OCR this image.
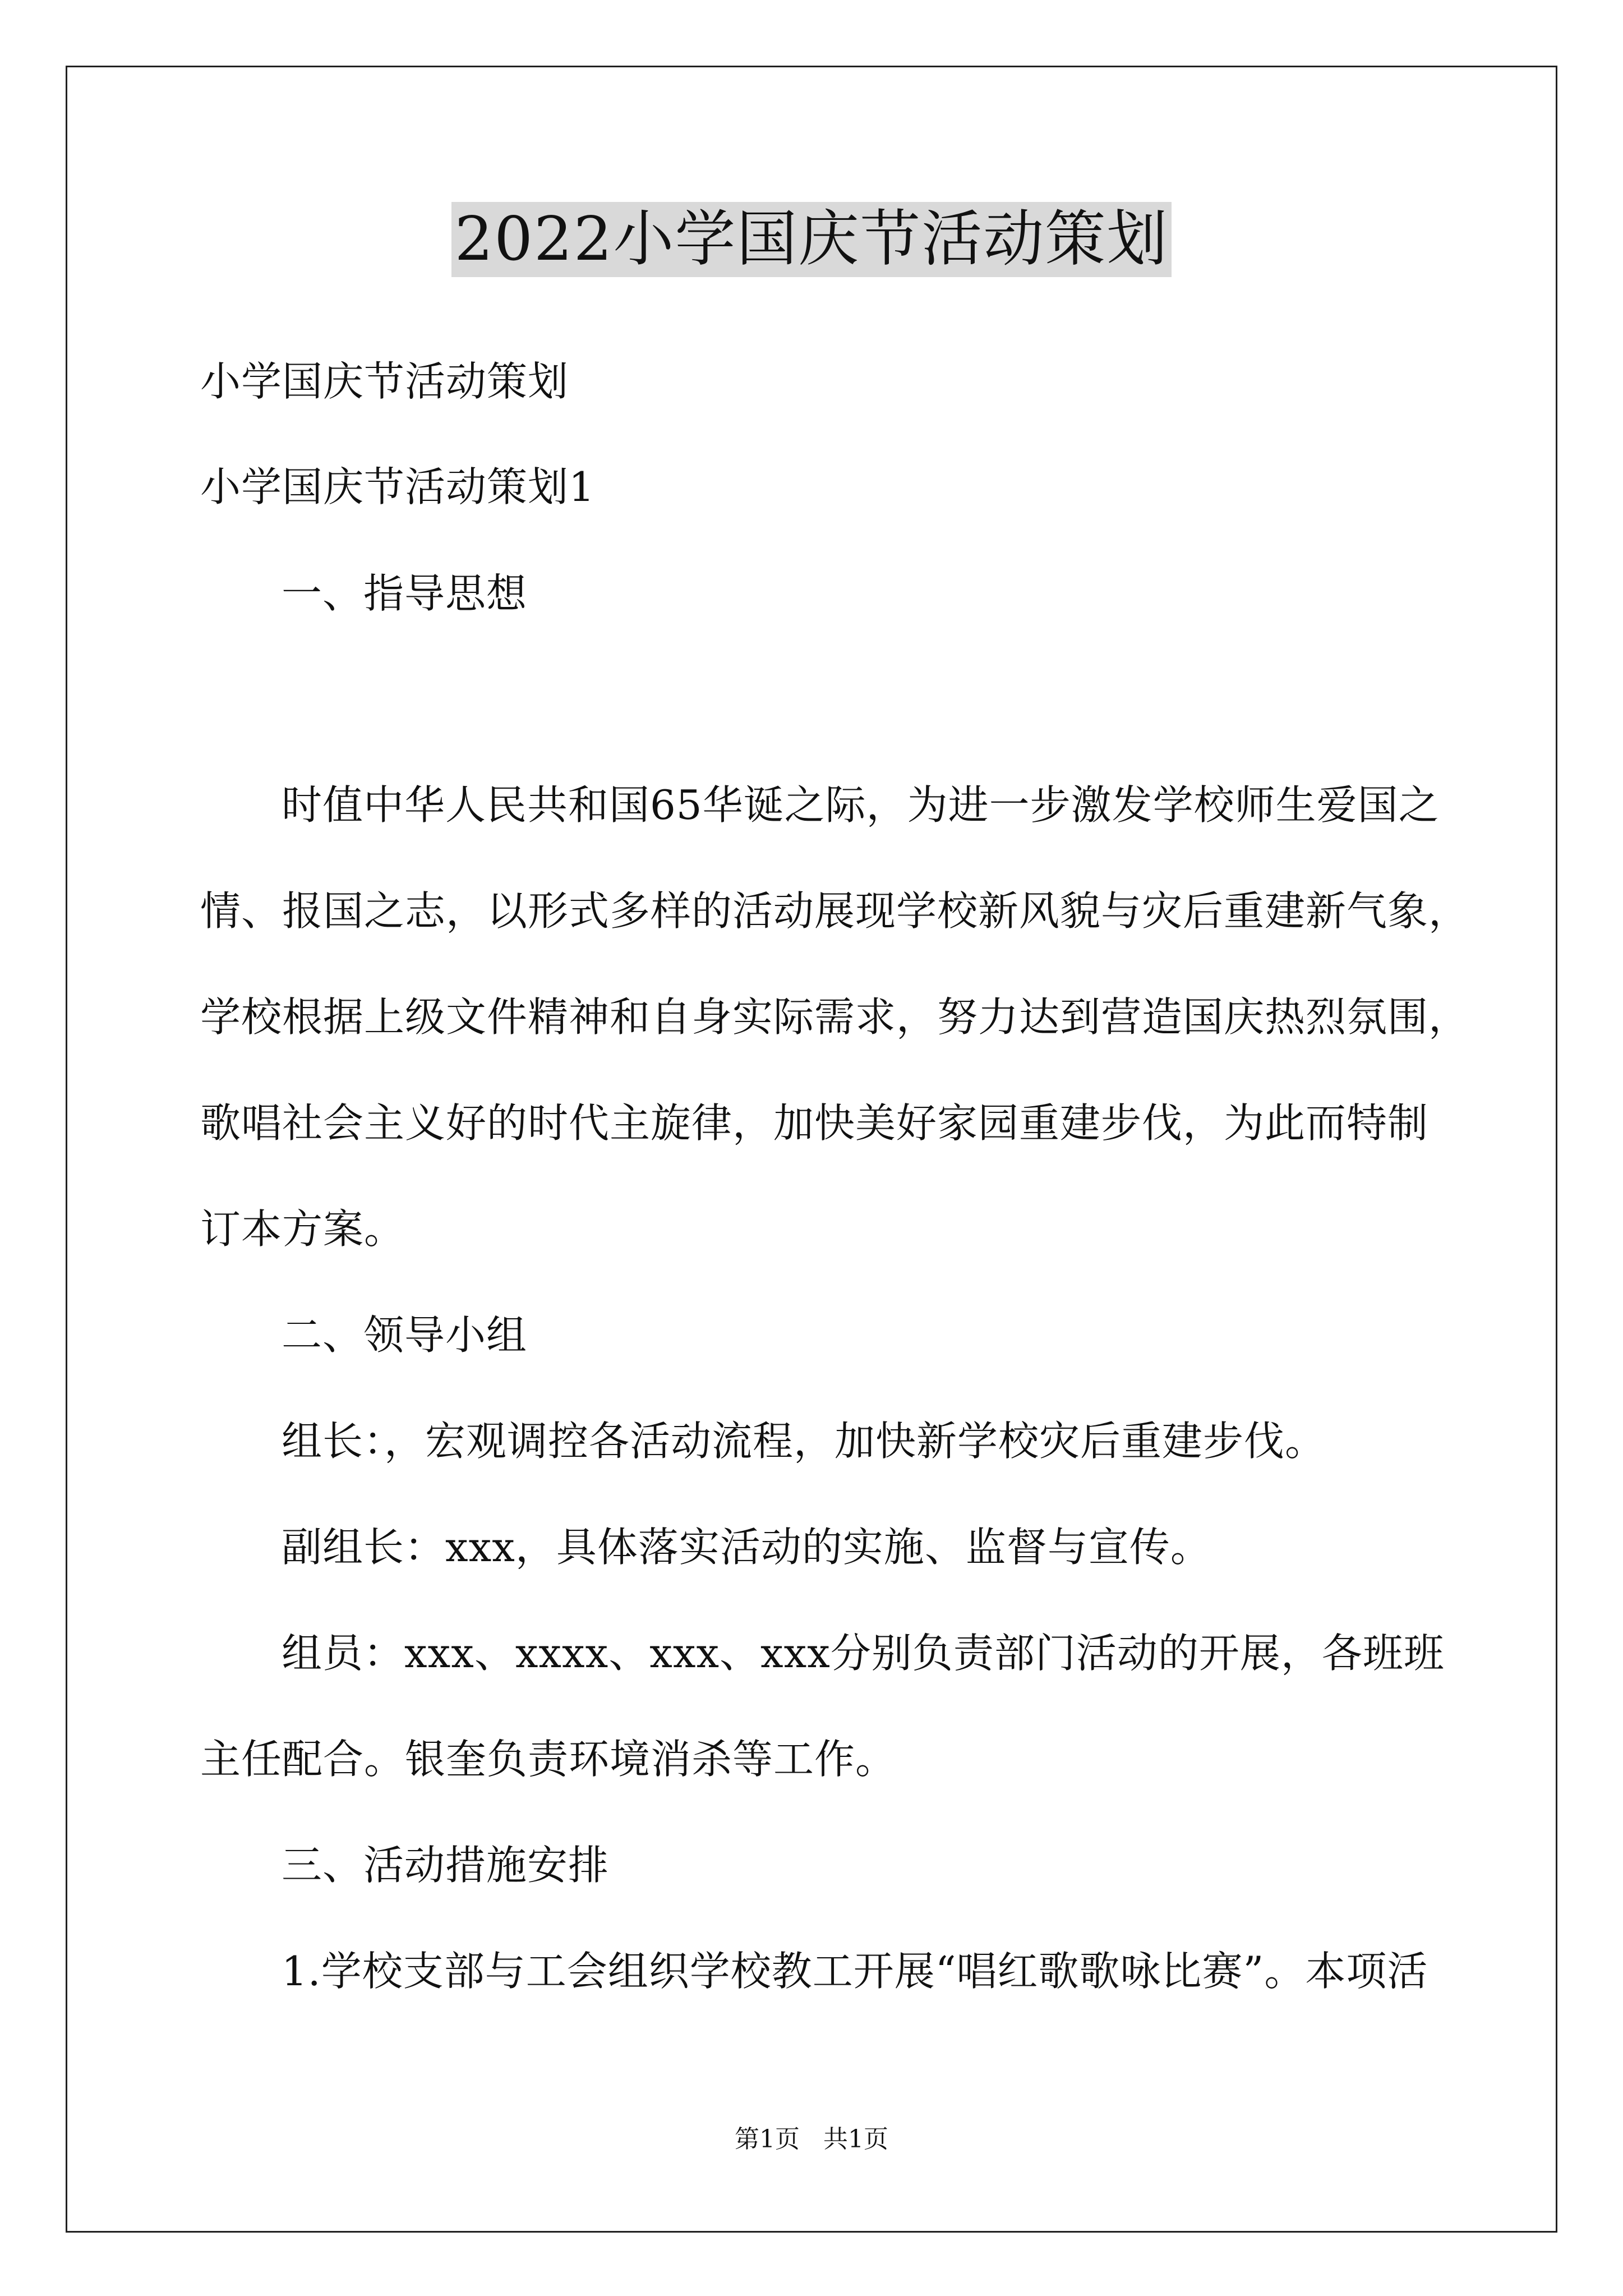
2022小学国庆节活动策划
小学国庆节活动策划
小学国庆节活动策划1
一、指导思想
时值中华人民共和国65华诞之际，为进一步激发学校师生爱国之
情、报国之志，以形式多样的活动展现学校新风貌与灾后重建新气象，
学校根据上级文件精神和自身实际需求，努力达到营造国庆热烈氛围，
歌唱社会主义好的时代主旋律，加快美好家园重建步伐，为此而特制
订本方案。
二、领导小组
组长：，宏观调控各活动流程，加快新学校灾后重建步伐。
副组长：xxx，具体落实活动的实施、监督与宣传。
组员：xxx、xxxx、xxx、xxx分别负责部门活动的开展，各班班
主任配合。银奎负责环境消杀等工作。
三、活动措施安排
1.学校支部与工会组织学校教工开展“唱红歌歌咏比赛”。本项活
第1页   共1页
